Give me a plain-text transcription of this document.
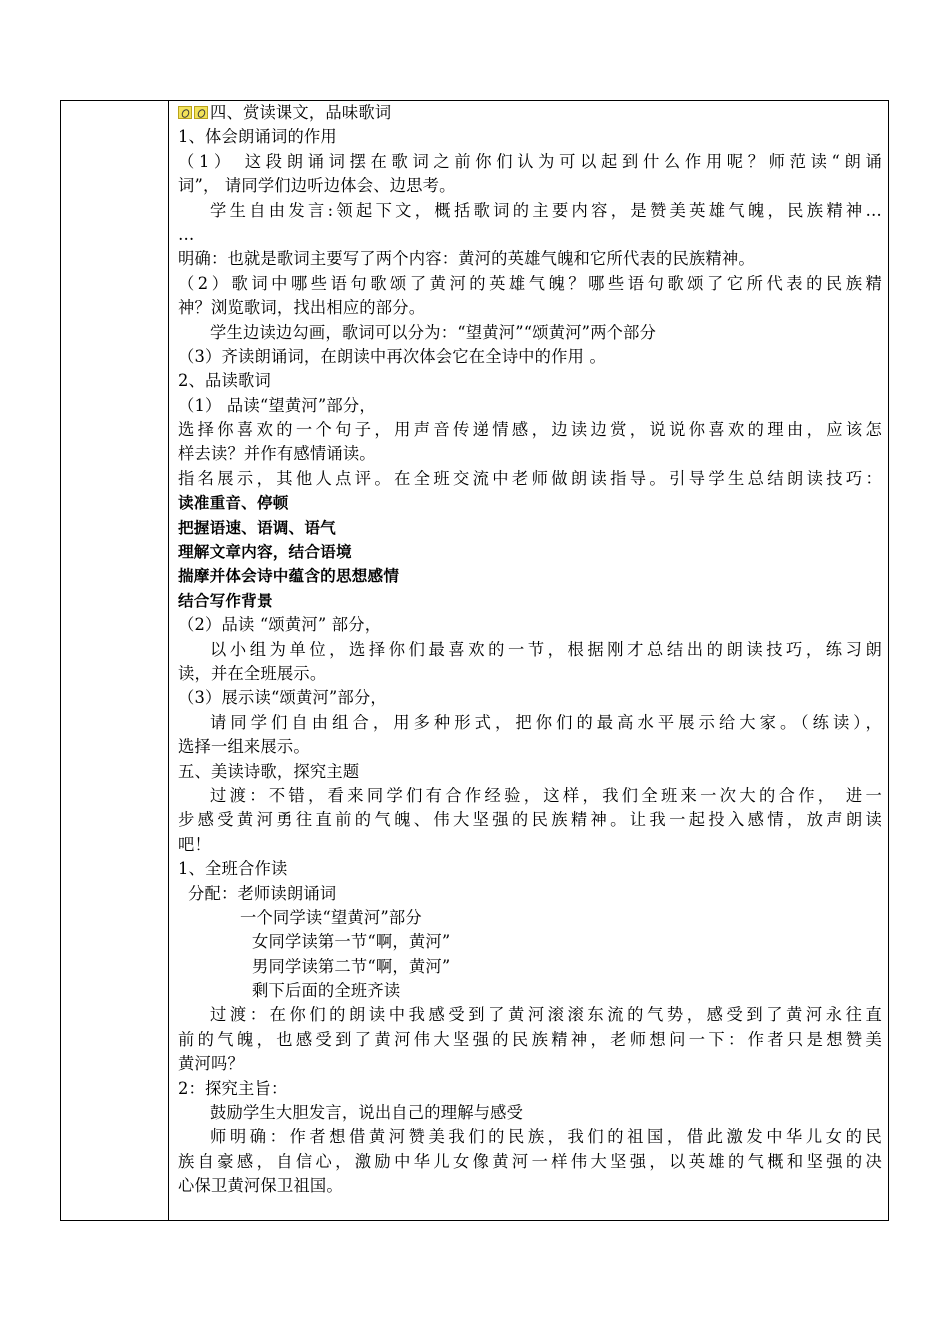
四、赏读课文，品味歌词
1、体会朗诵词的作用
（1） 这段朗诵词摆在歌词之前你们认为可以起到什么作用呢？师范读“朗诵
词”， 请同学们边听边体会、边思考。
学生自由发言:领起下文，概括歌词的主要内容，是赞美英雄气魄，民族精神…
…
明确：也就是歌词主要写了两个内容：黄河的英雄气魄和它所代表的民族精神。
（2）歌词中哪些语句歌颂了黄河的英雄气魄？哪些语句歌颂了它所代表的民族精
神？浏览歌词，找出相应的部分。
学生边读边勾画，歌词可以分为：“望黄河”“颂黄河”两个部分
（3）齐读朗诵词，在朗读中再次体会它在全诗中的作用 。
2、品读歌词
（1） 品读“望黄河”部分，
选择你喜欢的一个句子，用声音传递情感，边读边赏，说说你喜欢的理由，应该怎
样去读？并作有感情诵读。
指名展示，其他人点评。在全班交流中老师做朗读指导。引导学生总结朗读技巧：
读准重音、停顿
把握语速、语调、语气
理解文章内容，结合语境
揣摩并体会诗中蕴含的思想感情
结合写作背景
（2）品读 “颂黄河” 部分，
以小组为单位，选择你们最喜欢的一节，根据刚才总结出的朗读技巧，练习朗
读，并在全班展示。
（3）展示读“颂黄河”部分，
请同学们自由组合，用多种形式，把你们的最高水平展示给大家。（练读），
选择一组来展示。
五、美读诗歌，探究主题
过渡：不错，看来同学们有合作经验，这样，我们全班来一次大的合作， 进一
步感受黄河勇往直前的气魄、伟大坚强的民族精神。让我一起投入感情，放声朗读
吧！
1、全班合作读
分配：老师读朗诵词
一个同学读“望黄河”部分
女同学读第一节“啊，黄河”
男同学读第二节“啊，黄河”
剩下后面的全班齐读
过渡：在你们的朗读中我感受到了黄河滚滚东流的气势，感受到了黄河永往直
前的气魄，也感受到了黄河伟大坚强的民族精神，老师想问一下：作者只是想赞美
黄河吗？
2：探究主旨：
鼓励学生大胆发言，说出自己的理解与感受
师明确：作者想借黄河赞美我们的民族，我们的祖国，借此激发中华儿女的民
族自豪感，自信心，激励中华儿女像黄河一样伟大坚强，以英雄的气概和坚强的决
心保卫黄河保卫祖国。
